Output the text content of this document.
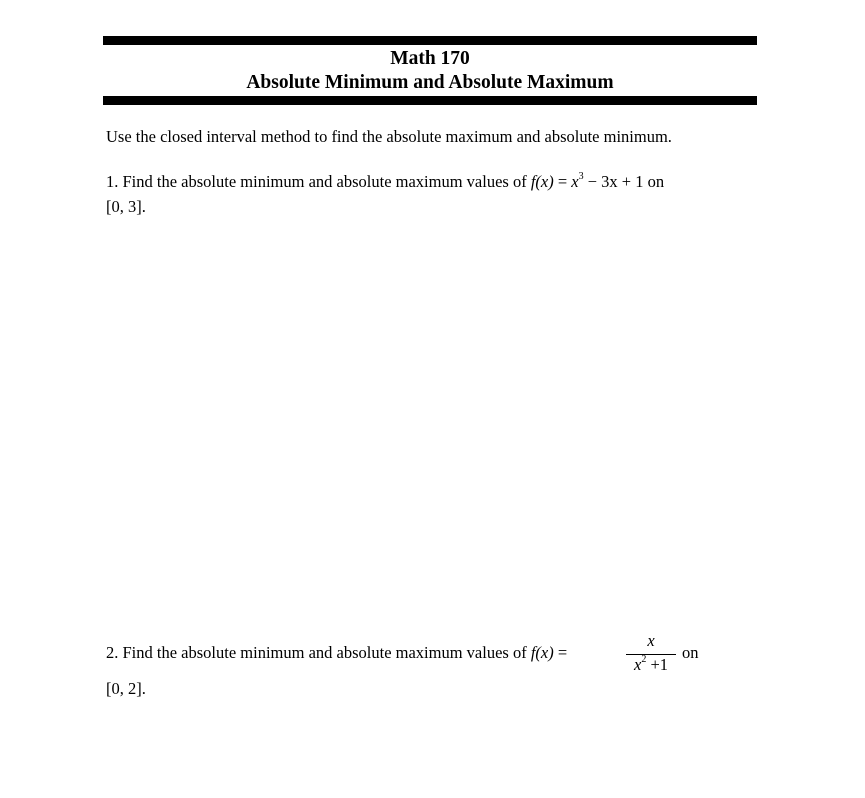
Math 170
Absolute Minimum and Absolute Maximum
Use the closed interval method to find the absolute maximum and absolute minimum.
1. Find the absolute minimum and absolute maximum values of $f(x) = x^3 - 3x + 1$ on
[0, 3].
2. Find the absolute minimum and absolute maximum values of f(x) =
x
$x^2 +1$
on
[0, 2].
